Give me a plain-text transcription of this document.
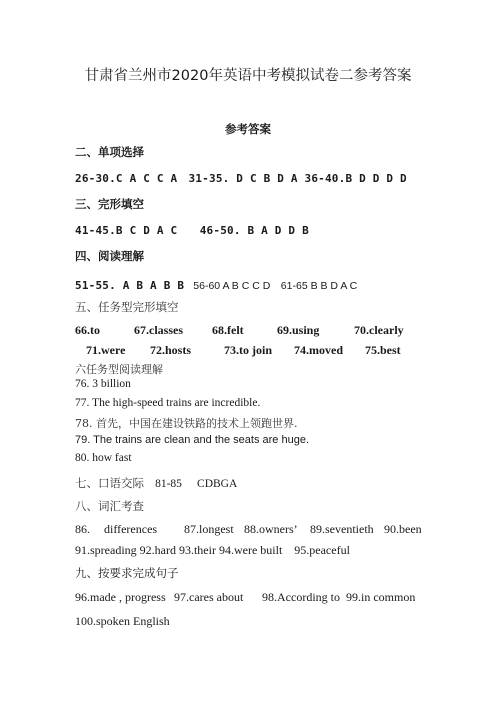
甘肃省兰州市2020年英语中考模拟试卷二参考答案
参考答案
二、单项选择
26-30.C A C C A　31-35. D C B D A 36-40.B D D D D
三、完形填空
41-45.B C D A C　　46-50. B A D D B
四、阅读理解
51-55. A B A B B 56-60 A B C C D　61-65 B B D A C
五、任务型完形填空
66.to	67.classes 68.felt	69.using	70.clearly
71.were 72.hosts	73.to join 74.moved 75.best
六任务型阅读理解
76. 3 billion
77. The high-speed trains are incredible.
78. 首先，中国在建设铁路的技术上领跑世界.
79. The trains are clean and the seats are huge.
80. how fast
七、口语交际 81-85 CDBGA
八、词汇考查
86. differences 87.longest 88.owners’ 89.seventieth 90.been
91.spreading 92.hard 93.their 94.were built　95.peaceful
九、按要求完成句子
96.made , progress 97.cares about 98.According to 99.in common
100.spoken English
